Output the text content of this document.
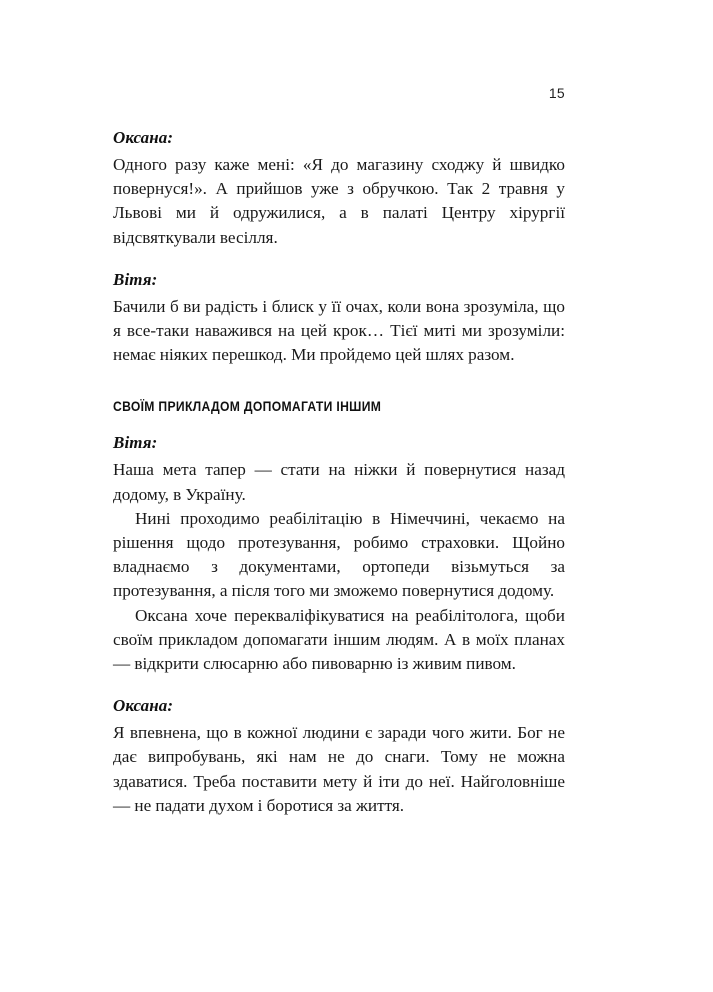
15

Оксана:

Одного разу каже мені: «Я до магазину сходжу й швидко повернуся!». А прийшов уже з обручкою. Так 2 травня у Львові ми й одружилися, а в палаті Центру хірургії відсвяткували весілля.

Вітя:

Бачили б ви радість і блиск у її очах, коли вона зрозуміла, що я все-таки наважився на цей крок… Тієї миті ми зрозуміли: немає ніяких перешкод. Ми пройдемо цей шлях разом.

СВОЇМ ПРИКЛАДОМ ДОПОМАГАТИ ІНШИМ

Вітя:

Наша мета тапер — стати на ніжки й повернутися назад додому, в Україну.

Нині проходимо реабілітацію в Німеччині, чекаємо на рішення щодо протезування, робимо страховки. Щойно владнаємо з документами, ортопеди візьмуться за протезування, а після того ми зможемо повернутися додому.

Оксана хоче перекваліфікуватися на реабілітолога, щоби своїм прикладом допомагати іншим людям. А в моїх планах — відкрити слюсарню або пивоварню із живим пивом.

Оксана:

Я впевнена, що в кожної людини є заради чого жити. Бог не дає випробувань, які нам не до снаги. Тому не можна здаватися. Треба поставити мету й іти до неї. Найголовніше — не падати духом і боротися за життя.
